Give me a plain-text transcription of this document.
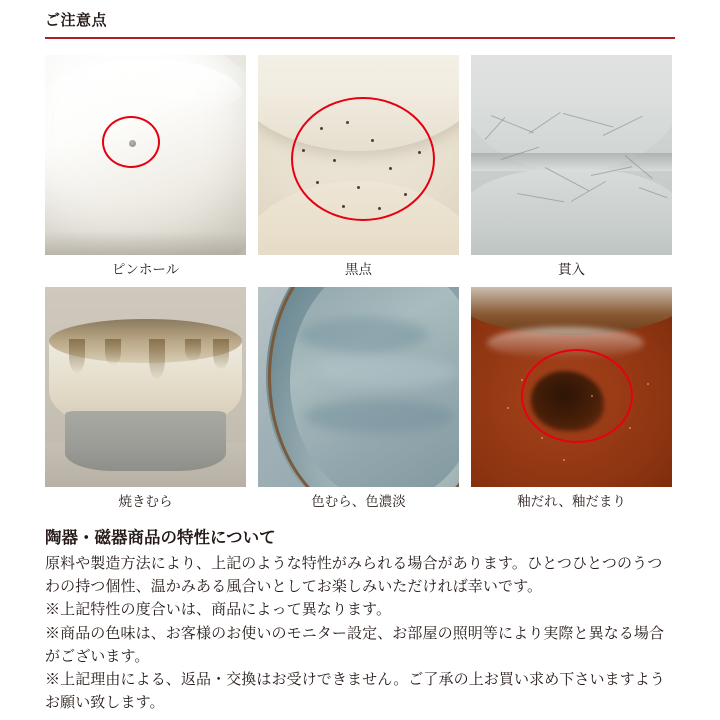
ご注意点
ピンホール	黒点	貫入
焼きむら	色むら、色濃淡	釉だれ、釉だまり
陶器・磁器商品の特性について
原料や製造方法により、上記のような特性がみられる場合があります。ひとつひとつのうつわの持つ個性、温かみある風合いとしてお楽しみいただければ幸いです。
※上記特性の度合いは、商品によって異なります。
※商品の色味は、お客様のお使いのモニター設定、お部屋の照明等により実際と異なる場合がございます。
※上記理由による、返品・交換はお受けできません。ご了承の上お買い求め下さいますようお願い致します。
